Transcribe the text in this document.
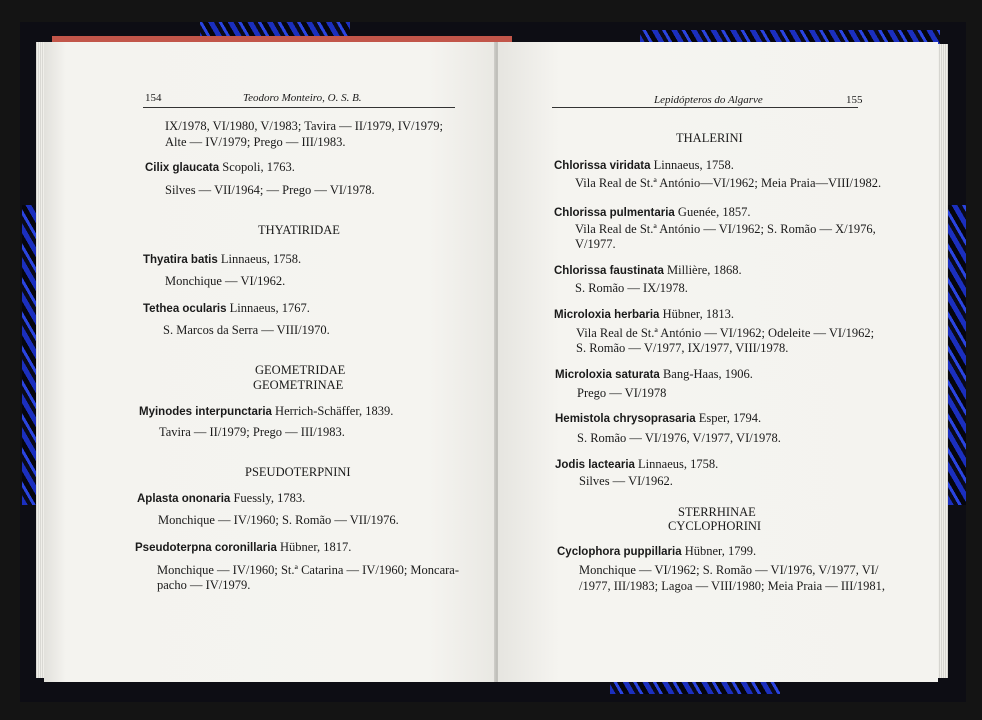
154	Teodoro Monteiro, O. S. B.
IX/1978, VI/1980, V/1983; Tavira — II/1979, IV/1979;
Alte — IV/1979; Prego — III/1983.
Cilix glaucata Scopoli, 1763.
Silves — VII/1964; — Prego — VI/1978.
THYATIRIDAE
Thyatira batis Linnaeus, 1758.
Monchique — VI/1962.
Tethea ocularis Linnaeus, 1767.
S. Marcos da Serra — VIII/1970.
GEOMETRIDAE
GEOMETRINAE
Myinodes interpunctaria Herrich-Schäffer, 1839.
Tavira — II/1979; Prego — III/1983.
PSEUDOTERPNINI
Aplasta ononaria Fuessly, 1783.
Monchique — IV/1960; S. Romão — VII/1976.
Pseudoterpna coronillaria Hübner, 1817.
Monchique — IV/1960; St.ª Catarina — IV/1960; Moncara-
pacho — IV/1979.
Lepidópteros do Algarve	155
THALERINI
Chlorissa viridata Linnaeus, 1758.
Vila Real de St.ª António—VI/1962; Meia Praia—VIII/1982.
Chlorissa pulmentaria Guenée, 1857.
Vila Real de St.ª António — VI/1962; S. Romão — X/1976,
V/1977.
Chlorissa faustinata Millière, 1868.
S. Romão — IX/1978.
Microloxia herbaria Hübner, 1813.
Vila Real de St.ª António — VI/1962; Odeleite — VI/1962;
S. Romão — V/1977, IX/1977, VIII/1978.
Microloxia saturata Bang-Haas, 1906.
Prego — VI/1978
Hemistola chrysoprasaria Esper, 1794.
S. Romão — VI/1976, V/1977, VI/1978.
Jodis lactearia Linnaeus, 1758.
Silves — VI/1962.
STERRHINAE
CYCLOPHORINI
Cyclophora puppillaria Hübner, 1799.
Monchique — VI/1962; S. Romão — VI/1976, V/1977, VI/
/1977, III/1983; Lagoa — VIII/1980; Meia Praia — III/1981,
